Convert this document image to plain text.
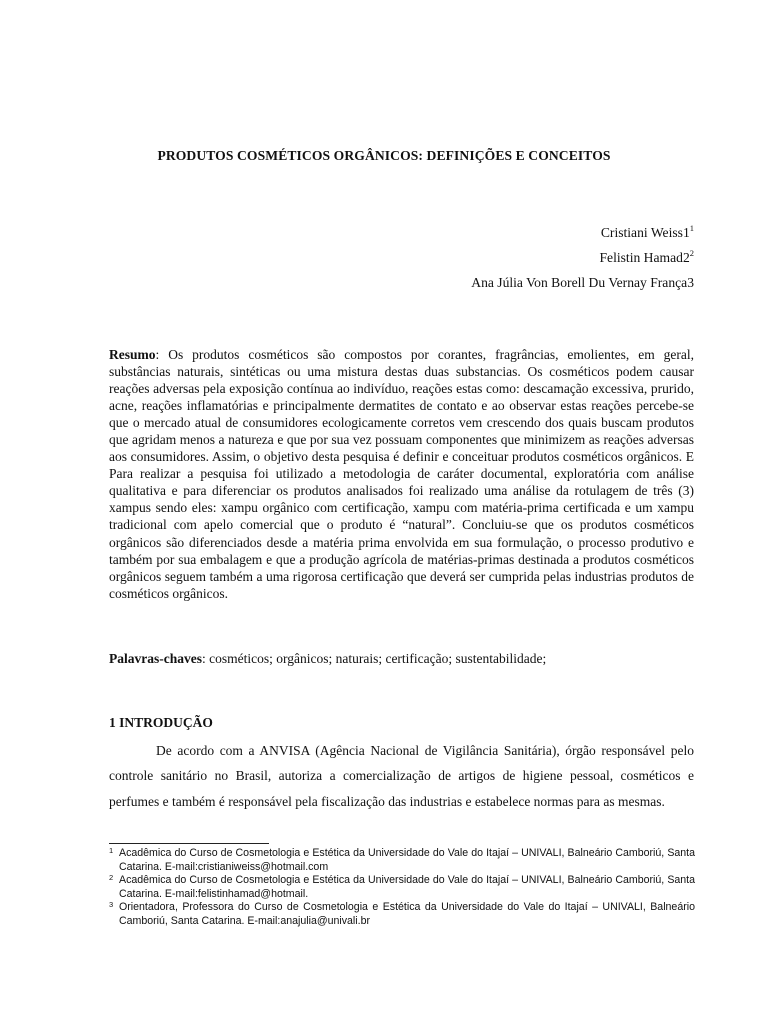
PRODUTOS COSMÉTICOS ORGÂNICOS: DEFINIÇÕES E CONCEITOS
Cristiani $Weiss1^1$
Felistin $Hamad2^2$
Ana Júlia Von Borell Du Vernay França3
Resumo: Os produtos cosméticos são compostos por corantes, fragrâncias, emolientes, em geral, substâncias naturais, sintéticas ou uma mistura destas duas substancias. Os cosméticos podem causar reações adversas pela exposição contínua ao indivíduo, reações estas como: descamação excessiva, prurido, acne, reações inflamatórias e principalmente dermatites de contato e ao observar estas reações percebe-se que o mercado atual de consumidores ecologicamente corretos vem crescendo dos quais buscam produtos que agridam menos a natureza e que por sua vez possuam componentes que minimizem as reações adversas aos consumidores. Assim, o objetivo desta pesquisa é definir e conceituar produtos cosméticos orgânicos. E Para realizar a pesquisa foi utilizado a metodologia de caráter documental, exploratória com análise qualitativa e para diferenciar os produtos analisados foi realizado uma análise da rotulagem de três (3) xampus sendo eles: xampu orgânico com certificação, xampu com matéria-prima certificada e um xampu tradicional com apelo comercial que o produto é “natural”. Concluiu-se que os produtos cosméticos orgânicos são diferenciados desde a matéria prima envolvida em sua formulação, o processo produtivo e também por sua embalagem e que a produção agrícola de matérias-primas destinada a produtos cosméticos orgânicos seguem também a uma rigorosa certificação que deverá ser cumprida pelas industrias produtos de cosméticos orgânicos.
Palavras-chaves: cosméticos; orgânicos; naturais; certificação; sustentabilidade;
1 INTRODUÇÃO
De acordo com a ANVISA (Agência Nacional de Vigilância Sanitária), órgão responsável pelo controle sanitário no Brasil, autoriza a comercialização de artigos de higiene pessoal, cosméticos e perfumes e também é responsável pela fiscalização das industrias e estabelece normas para as mesmas.
1 Acadêmica do Curso de Cosmetologia e Estética da Universidade do Vale do Itajaí – UNIVALI, Balneário Camboriú, Santa Catarina. E-mail:cristianiweiss@hotmail.com
2 Acadêmica do Curso de Cosmetologia e Estética da Universidade do Vale do Itajaí – UNIVALI, Balneário Camboriú, Santa Catarina. E-mail:felistinhamad@hotmail.
3 Orientadora, Professora do Curso de Cosmetologia e Estética da Universidade do Vale do Itajaí – UNIVALI, Balneário Camboriú, Santa Catarina. E-mail:anajulia@univali.br
